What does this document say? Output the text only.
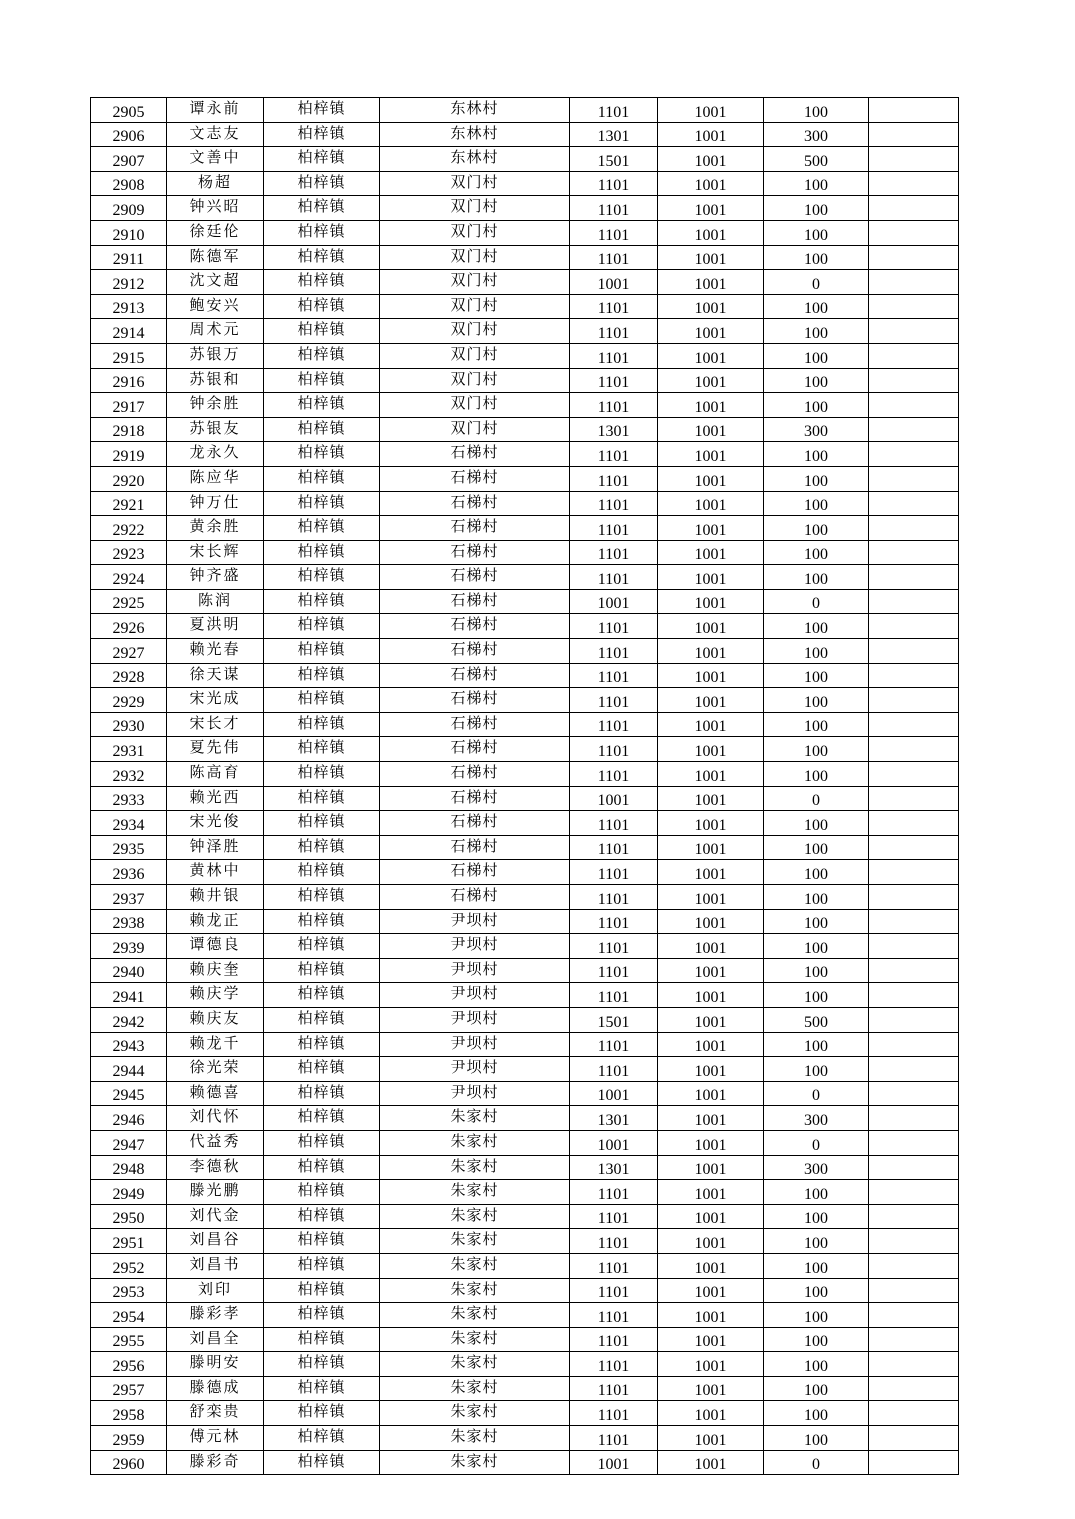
2905	谭永前	柏梓镇	东林村	1101	1001	100	
2906	文志友	柏梓镇	东林村	1301	1001	300	
2907	文善中	柏梓镇	东林村	1501	1001	500	
2908	杨超	柏梓镇	双门村	1101	1001	100	
2909	钟兴昭	柏梓镇	双门村	1101	1001	100	
2910	徐廷伦	柏梓镇	双门村	1101	1001	100	
2911	陈德军	柏梓镇	双门村	1101	1001	100	
2912	沈文超	柏梓镇	双门村	1001	1001	0	
2913	鲍安兴	柏梓镇	双门村	1101	1001	100	
2914	周术元	柏梓镇	双门村	1101	1001	100	
2915	苏银万	柏梓镇	双门村	1101	1001	100	
2916	苏银和	柏梓镇	双门村	1101	1001	100	
2917	钟余胜	柏梓镇	双门村	1101	1001	100	
2918	苏银友	柏梓镇	双门村	1301	1001	300	
2919	龙永久	柏梓镇	石梯村	1101	1001	100	
2920	陈应华	柏梓镇	石梯村	1101	1001	100	
2921	钟万仕	柏梓镇	石梯村	1101	1001	100	
2922	黄余胜	柏梓镇	石梯村	1101	1001	100	
2923	宋长辉	柏梓镇	石梯村	1101	1001	100	
2924	钟齐盛	柏梓镇	石梯村	1101	1001	100	
2925	陈润	柏梓镇	石梯村	1001	1001	0	
2926	夏洪明	柏梓镇	石梯村	1101	1001	100	
2927	赖光春	柏梓镇	石梯村	1101	1001	100	
2928	徐天谋	柏梓镇	石梯村	1101	1001	100	
2929	宋光成	柏梓镇	石梯村	1101	1001	100	
2930	宋长才	柏梓镇	石梯村	1101	1001	100	
2931	夏先伟	柏梓镇	石梯村	1101	1001	100	
2932	陈高育	柏梓镇	石梯村	1101	1001	100	
2933	赖光西	柏梓镇	石梯村	1001	1001	0	
2934	宋光俊	柏梓镇	石梯村	1101	1001	100	
2935	钟泽胜	柏梓镇	石梯村	1101	1001	100	
2936	黄林中	柏梓镇	石梯村	1101	1001	100	
2937	赖井银	柏梓镇	石梯村	1101	1001	100	
2938	赖龙正	柏梓镇	尹坝村	1101	1001	100	
2939	谭德良	柏梓镇	尹坝村	1101	1001	100	
2940	赖庆奎	柏梓镇	尹坝村	1101	1001	100	
2941	赖庆学	柏梓镇	尹坝村	1101	1001	100	
2942	赖庆友	柏梓镇	尹坝村	1501	1001	500	
2943	赖龙千	柏梓镇	尹坝村	1101	1001	100	
2944	徐光荣	柏梓镇	尹坝村	1101	1001	100	
2945	赖德喜	柏梓镇	尹坝村	1001	1001	0	
2946	刘代怀	柏梓镇	朱家村	1301	1001	300	
2947	代益秀	柏梓镇	朱家村	1001	1001	0	
2948	李德秋	柏梓镇	朱家村	1301	1001	300	
2949	滕光鹏	柏梓镇	朱家村	1101	1001	100	
2950	刘代金	柏梓镇	朱家村	1101	1001	100	
2951	刘昌谷	柏梓镇	朱家村	1101	1001	100	
2952	刘昌书	柏梓镇	朱家村	1101	1001	100	
2953	刘印	柏梓镇	朱家村	1101	1001	100	
2954	滕彩孝	柏梓镇	朱家村	1101	1001	100	
2955	刘昌全	柏梓镇	朱家村	1101	1001	100	
2956	滕明安	柏梓镇	朱家村	1101	1001	100	
2957	滕德成	柏梓镇	朱家村	1101	1001	100	
2958	舒栾贵	柏梓镇	朱家村	1101	1001	100	
2959	傅元林	柏梓镇	朱家村	1101	1001	100	
2960	滕彩奇	柏梓镇	朱家村	1001	1001	0	
